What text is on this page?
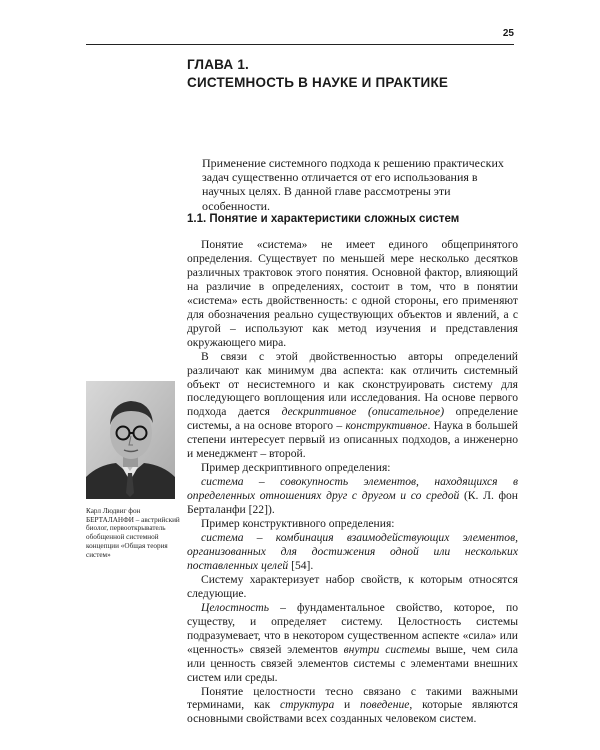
25
ГЛАВА 1.
СИСТЕМНОСТЬ В НАУКЕ И ПРАКТИКЕ

Применение системного подхода к решению практических задач существенно отличается от его использования в научных целях. В данной главе рассмотрены эти особенности.

1.1. Понятие и характеристики сложных систем

Понятие «система» не имеет единого общепринятого определения. Существует по меньшей мере несколько десятков различных трактовок этого понятия. Основной фактор, влияющий на различие в определениях, состоит в том, что в понятии «система» есть двойственность: с одной стороны, его применяют для обозначения реально существующих объектов и явлений, а с другой – используют как метод изучения и представления окружающего мира.

В связи с этой двойственностью авторы определений различают как минимум два аспекта: как отличить системный объект от несистемного и как сконструировать систему для последующего воплощения или исследования. На основе первого подхода дается дескриптивное (описательное) определение системы, а на основе второго – конструктивное. Наука в большей степени интересует первый из описанных подходов, а инженерно и менеджмент – второй.

Пример дескриптивного определения:

система – совокупность элементов, находящихся в определенных отношениях друг с другом и со средой (К. Л. фон Берталанфи [22]).

Пример конструктивного определения:

система – комбинация взаимодействующих элементов, организованных для достижения одной или нескольких поставленных целей [54].

Систему характеризует набор свойств, к которым относятся следующие.

Целостность – фундаментальное свойство, которое, по существу, и определяет систему. Целостность системы подразумевает, что в некотором существенном аспекте «сила» или «ценность» связей элементов внутри системы выше, чем сила или ценность связей элементов системы с элементами внешних систем или среды.

Понятие целостности тесно связано с такими важными терминами, как структура и поведение, которые являются основными свойствами всех созданных человеком систем.

Карл Людвиг фон БЕРТАЛАНФИ – австрийский биолог, первооткрыватель обобщенной системной концепции «Общая теория систем»
